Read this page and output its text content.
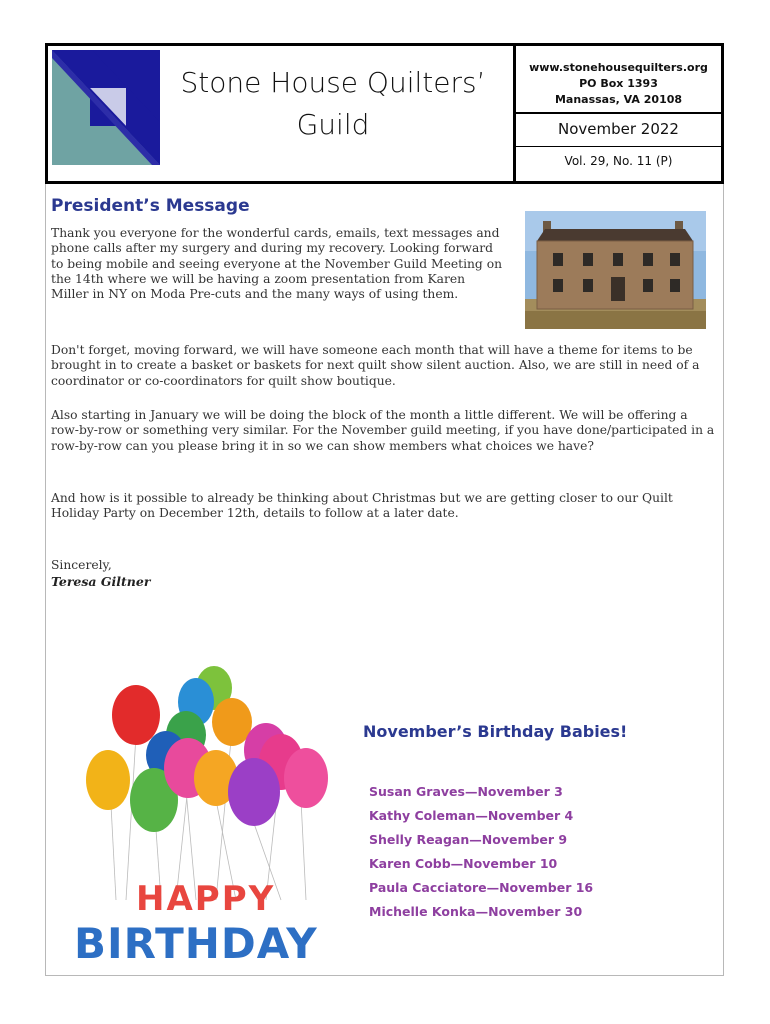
Stone House Quilters’
Guild
www.stonehousequilters.org
PO Box 1393
Manassas, VA 20108
November 2022
Vol. 29, No. 11 (P)
President’s Message

Thank you everyone for the wonderful cards, emails, text messages and phone calls after my surgery and during my recovery. Looking forward to being mobile and seeing everyone at the November Guild Meeting on the 14th where we will be having a zoom presentation from Karen Miller in NY on Moda Pre-cuts and the many ways of using them.

Don't forget, moving forward, we will have someone each month that will have a theme for items to be brought in to create a basket or baskets for next quilt show silent auction. Also, we are still in need of a coordinator or co-coordinators for quilt show boutique.

Also starting in January we will be doing the block of the month a little different. We will be offering a row-by-row or something very similar. For the November guild meeting, if you have done/participated in a row-by-row can you please bring it in so we can show members what choices we have?

And how is it possible to already be thinking about Christmas but we are getting closer to our Quilt Holiday Party on December 12th, details to follow at a later date.

Sincerely,

Teresa Giltner
HAPPY
BIRTHDAY
November’s Birthday Babies!
Susan Graves—November 3
Kathy Coleman—November 4
Shelly Reagan—November 9
Karen Cobb—November 10
Paula Cacciatore—November 16
Michelle Konka—November 30
